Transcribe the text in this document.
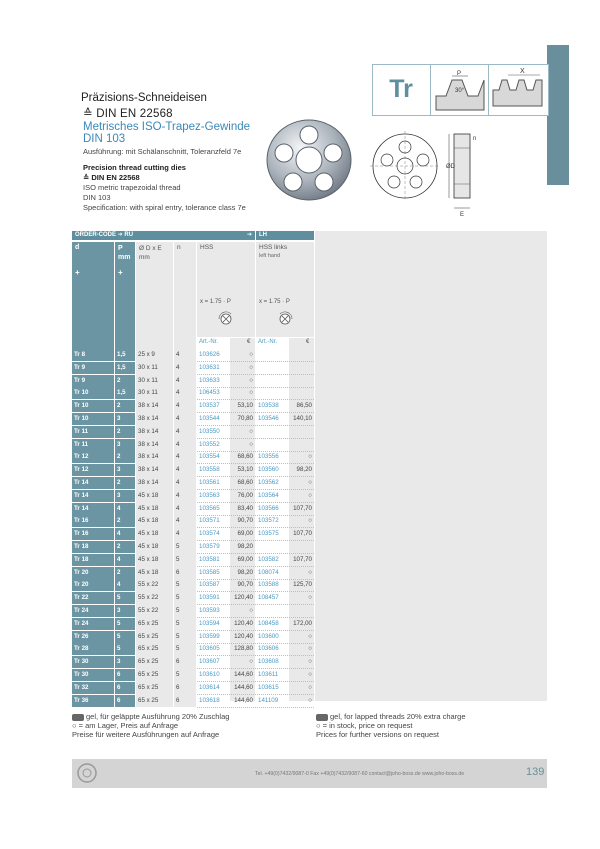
Tr
Präzisions-Schneideisen
≙ DIN EN 22568
Metrisches ISO-Trapez-Gewinde
DIN 103
Ausführung: mit Schälanschnitt, Toleranzfeld 7e
Precision thread cutting dies
≙ DIN EN 22568
ISO metric trapezoidal thread
DIN 103
Specification: with spiral entry, tolerance class 7e
Tr
P
30°
X
ØD
n
E
ORDER-CODE ➔ RU	➔	LH
d
+
P
mm
+
Ø D x E
mm
n	HSS	HSS links
left hand
x = 1.75 · P	x = 1.75 · P
Art.-Nr.	€ Art.-Nr.	€
Tr 8	1,5	25 x 9	4	103626	○
Tr 9	1,5	30 x 11	4	103631	○
Tr 9	2	30 x 11	4	103633	○
Tr 10	1,5	30 x 11	4	106453	○
Tr 10	2	38 x 14	4	103537	53,10 103538	86,50
Tr 10	3	38 x 14	4	103544	70,80 103546	140,10
Tr 11	2	38 x 14	4	103550	○
Tr 11	3	38 x 14	4	103552	○
Tr 12	2	38 x 14	4	103554	68,60 103556	○
Tr 12	3	38 x 14	4	103558	53,10 103560	98,20
Tr 14	2	38 x 14	4	103561	68,60 103562	○
Tr 14	3	45 x 18	4	103563	76,00 103564	○
Tr 14	4	45 x 18	4	103565	83,40 103566	107,70
Tr 16	2	45 x 18	4	103571	90,70 103572	○
Tr 16	4	45 x 18	4	103574	69,00 103575	107,70
Tr 18	2	45 x 18	5	103579	98,20
Tr 18	4	45 x 18	5	103581	69,00 103582	107,70
Tr 20	2	45 x 18	6	103585	98,20 108074	○
Tr 20	4	55 x 22	5	103587	90,70 103588	125,70
Tr 22	5	55 x 22	5	103591	120,40 108457	○
Tr 24	3	55 x 22	5	103593	○
Tr 24	5	65 x 25	5	103594	120,40 108458	172,00
Tr 26	5	65 x 25	5	103599	120,40 103600	○
Tr 28	5	65 x 25	5	103605	128,80 103606	○
Tr 30	3	65 x 25	6	103607	○ 103608	○
Tr 30	6	65 x 25	5	103610	144,60 103611	○
Tr 32	6	65 x 25	6	103614	144,60 103615	○
Tr 36	6	65 x 25	6	103618	144,60 141109	○
gel, für geläppte Ausführung 20% Zuschlag
○ = am Lager, Preis auf Anfrage
Preise für weitere Ausführungen auf Anfrage
gel, for lapped threads 20% extra charge
○ = in stock, price on request
Prices for further versions on request
Tel. +49(0)7432/9087-0 Fax +49(0)7432/9087-60 contact@joho-boss.de www.joho-boss.de	139
